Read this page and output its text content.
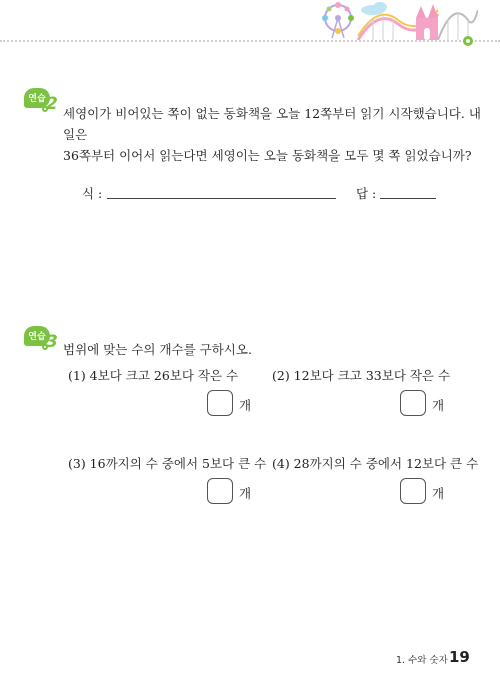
연습 2 세영이가 비어있는 쪽이 없는 동화책을 오늘 12쪽부터 읽기 시작했습니다. 내일은
36쪽부터 이어서 읽는다면 세영이는 오늘 동화책을 모두 몇 쪽 읽었습니까?
식 :	답 :
연습 3 범위에 맞는 수의 개수를 구하시오.
(1) 4보다 크고 26보다 작은 수
개
(2) 12보다 크고 33보다 작은 수
개
(3) 16까지의 수 중에서 5보다 큰 수
개
(4) 28까지의 수 중에서 12보다 큰 수
개
1. 수와 숫자 19
